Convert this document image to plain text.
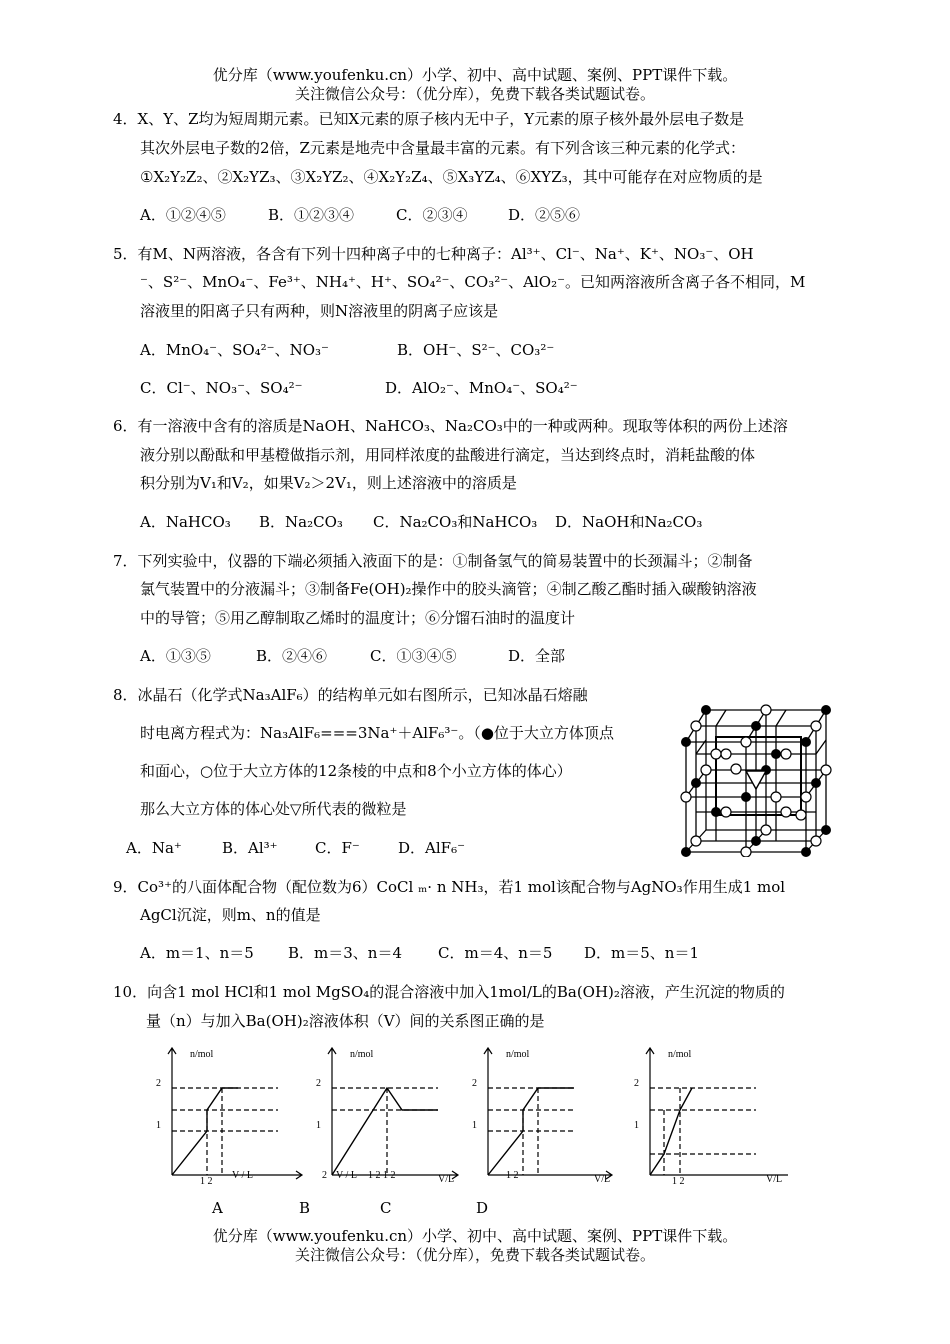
优分库（www.youfenku.cn）小学、初中、高中试题、案例、PPT课件下载。
关注微信公众号：（优分库），免费下载各类试题试卷。
4．X、Y、Z均为短周期元素。已知X元素的原子核内无中子，Y元素的原子核外最外层电子数是
其次外层电子数的2倍，Z元素是地壳中含量最丰富的元素。有下列含该三种元素的化学式：
①X₂Y₂Z₂、②X₂YZ₃、③X₂YZ₂、④X₂Y₂Z₄、⑤X₃YZ₄、⑥XYZ₃，其中可能存在对应物质的是
A．①②④⑤	B．①②③④	C．②③④	D．②⑤⑥
5．有M、N两溶液，各含有下列十四种离子中的七种离子：Al³⁺、Cl⁻、Na⁺、K⁺、NO₃⁻、OH
⁻、S²⁻、MnO₄⁻、Fe³⁺、NH₄⁺、H⁺、SO₄²⁻、CO₃²⁻、AlO₂⁻。已知两溶液所含离子各不相同，M
溶液里的阳离子只有两种，则N溶液里的阴离子应该是
A．MnO₄⁻、SO₄²⁻、NO₃⁻	B．OH⁻、S²⁻、CO₃²⁻
C．Cl⁻、NO₃⁻、SO₄²⁻	D．AlO₂⁻、MnO₄⁻、SO₄²⁻
6．有一溶液中含有的溶质是NaOH、NaHCO₃、Na₂CO₃中的一种或两种。现取等体积的两份上述溶
液分别以酚酞和甲基橙做指示剂，用同样浓度的盐酸进行滴定，当达到终点时，消耗盐酸的体
积分别为V₁和V₂，如果V₂＞2V₁，则上述溶液中的溶质是
A．NaHCO₃ B．Na₂CO₃ C．Na₂CO₃和NaHCO₃ D．NaOH和Na₂CO₃
7．下列实验中，仪器的下端必须插入液面下的是：①制备氢气的简易装置中的长颈漏斗；②制备
氯气装置中的分液漏斗；③制备Fe(OH)₂操作中的胶头滴管；④制乙酸乙酯时插入碳酸钠溶液
中的导管；⑤用乙醇制取乙烯时的温度计；⑥分馏石油时的温度计
A．①③⑤	B．②④⑥	C．①③④⑤	D．全部
8．冰晶石（化学式Na₃AlF₆）的结构单元如右图所示，已知冰晶石熔融
时电离方程式为：Na₃AlF₆===3Na⁺＋AlF₆³⁻。（●位于大立方体顶点
和面心，○位于大立方体的12条棱的中点和8个小立方体的体心）
那么大立方体的体心处▽所代表的微粒是
A．Na⁺	B．Al³⁺ C．F⁻	D．AlF₆⁻
9．Co³⁺的八面体配合物（配位数为6）CoCl ₘ· n NH₃，若1 mol该配合物与AgNO₃作用生成1 mol
AgCl沉淀，则m、n的值是
A．m＝1、n＝5 B．m＝3、n＝4 C．m＝4、n＝5 D．m＝5、n＝1
10．向含1 mol HCl和1 mol MgSO₄的混合溶液中加入1mol/L的Ba(OH)₂溶液，产生沉淀的物质的
量（n）与加入Ba(OH)₂溶液体积（V）间的关系图正确的是
n/mol
2
1
1 2
V / L
n/mol
2
1
2 V / L 1 2 1 2	V/L
n/mol
2
1
1 2	V/L
n/mol
2
1
1 2	V/L
A	B	C	D
优分库（www.youfenku.cn）小学、初中、高中试题、案例、PPT课件下载。
关注微信公众号：（优分库），免费下载各类试题试卷。
